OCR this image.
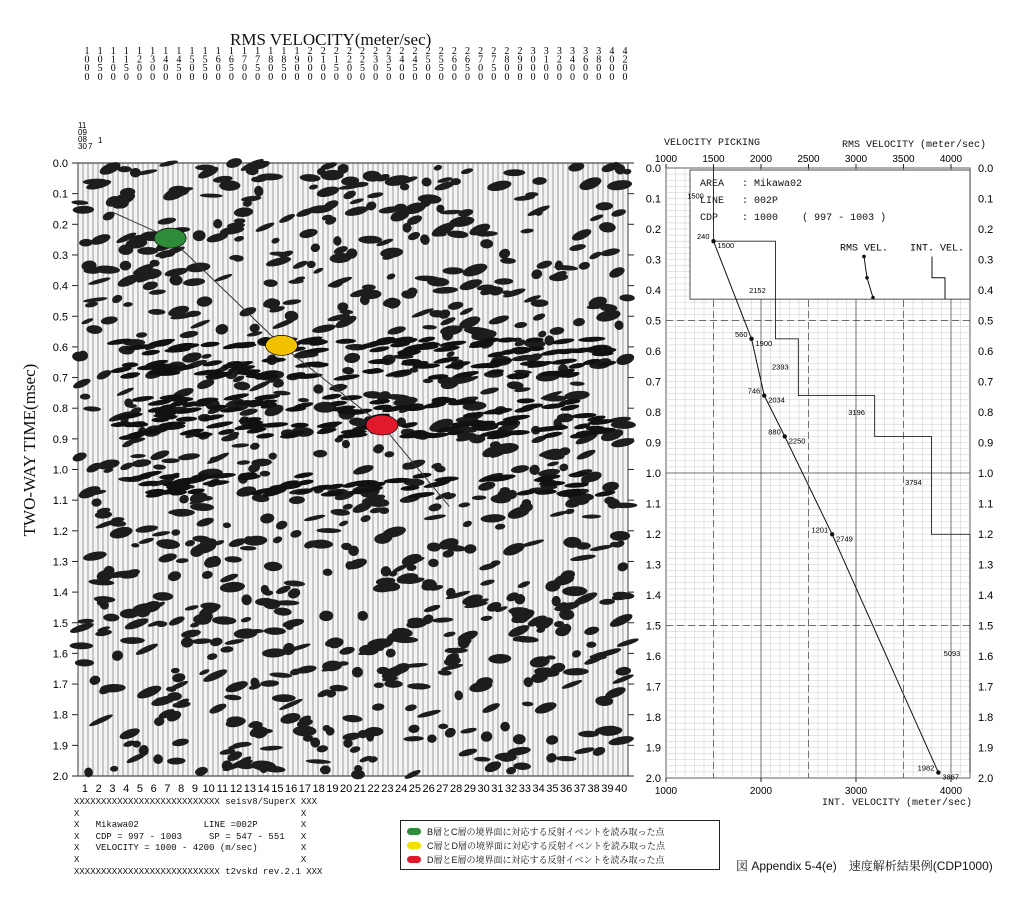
RMS VELOCITY(meter/sec)
TWO-WAY TIME(msec)
0.0
0.1
0.2
0.3
0.4
0.5
0.6
0.7
0.8
0.9
1.0
1.1
1.2
1.3
1.4
1.5
1.6
1.7
1.8
1.9
2.0
1 2 3 4 5 6 7 8 9 10 11 12 13 14 15 16 17 18 19 20 21 22 23 24 25 26 27 28 29 30 31 32 33 34 35 36 37 38 39 40
1 0 0 0
1 0 5 0
1 1 0 0
1 1 5 0
1 2 0 0
1 3 0 0
1 4 0 0
1 4 5 0
1 5 0 0
1 5 5 0
1 6 0 0
1 6 5 0
1 7 0 0
1 7 5 0
1 8 0 0
1 8 5 0
1 9 0 0
2 0 0 0
2 1 0 0
2 1 5 0
2 2 0 0
2 2 5 0
2 3 0 0
2 3 5 0
2 4 0 0
2 4 5 0
2 5 0 0
2 5 5 0
2 6 0 0
2 6 5 0
2 7 0 0
2 7 5 0
2 8 0 0
2 9 0 0
3 0 0 0
3 1 0 0
3 2 0 0
3 4 0 0
3 6 0 0
3 8 0 0
4 0 0 0
4 2 0 0
11
09
08
30 7
1
RMS VEL. INT. VEL.
1000	1500	2000	2500	3000	3500	4000
1000	2000	3000	4000
0.0	0.0
0.1	0.1
0.2	0.2
0.3	0.3
0.4	0.4
0.5	0.5
0.6	0.6
0.7	0.7
0.8	0.8
0.9	0.9
1.0	1.0
1.1	1.1
1.2	1.2
1.3	1.3
1.4	1.4
1.5	1.5
1.6	1.6
1.7	1.7
1.8	1.8
1.9	1.9
2.0	2.0
1500
2152
2393
3196
3794
5093
240
1500
560
1900
746
2034
880
2250
1201
2749
1982
3867
VELOCITY PICKING	RMS VELOCITY (meter/sec)
INT. VELOCITY (meter/sec)
AREA   : Mikawa02
LINE   : 002P
CDP    : 1000 ( 997 - 1003 )
XXXXXXXXXXXXXXXXXXXXXXXXXXX seisv8/SuperX XXX
X                                         X
X   Mikawa02            LINE =002P        X
X   CDP = 997 - 1003     SP = 547 - 551   X
X   VELOCITY = 1000 - 4200 (m/sec)        X
X                                         X
XXXXXXXXXXXXXXXXXXXXXXXXXXX t2vskd rev.2.1 XXX
B層とC層の境界面に対応する反射イベントを読み取った点
C層とD層の境界面に対応する反射イベントを読み取った点
D層とE層の境界面に対応する反射イベントを読み取った点	図 Appendix 5-4(e)　速度解析結果例(CDP1000)
